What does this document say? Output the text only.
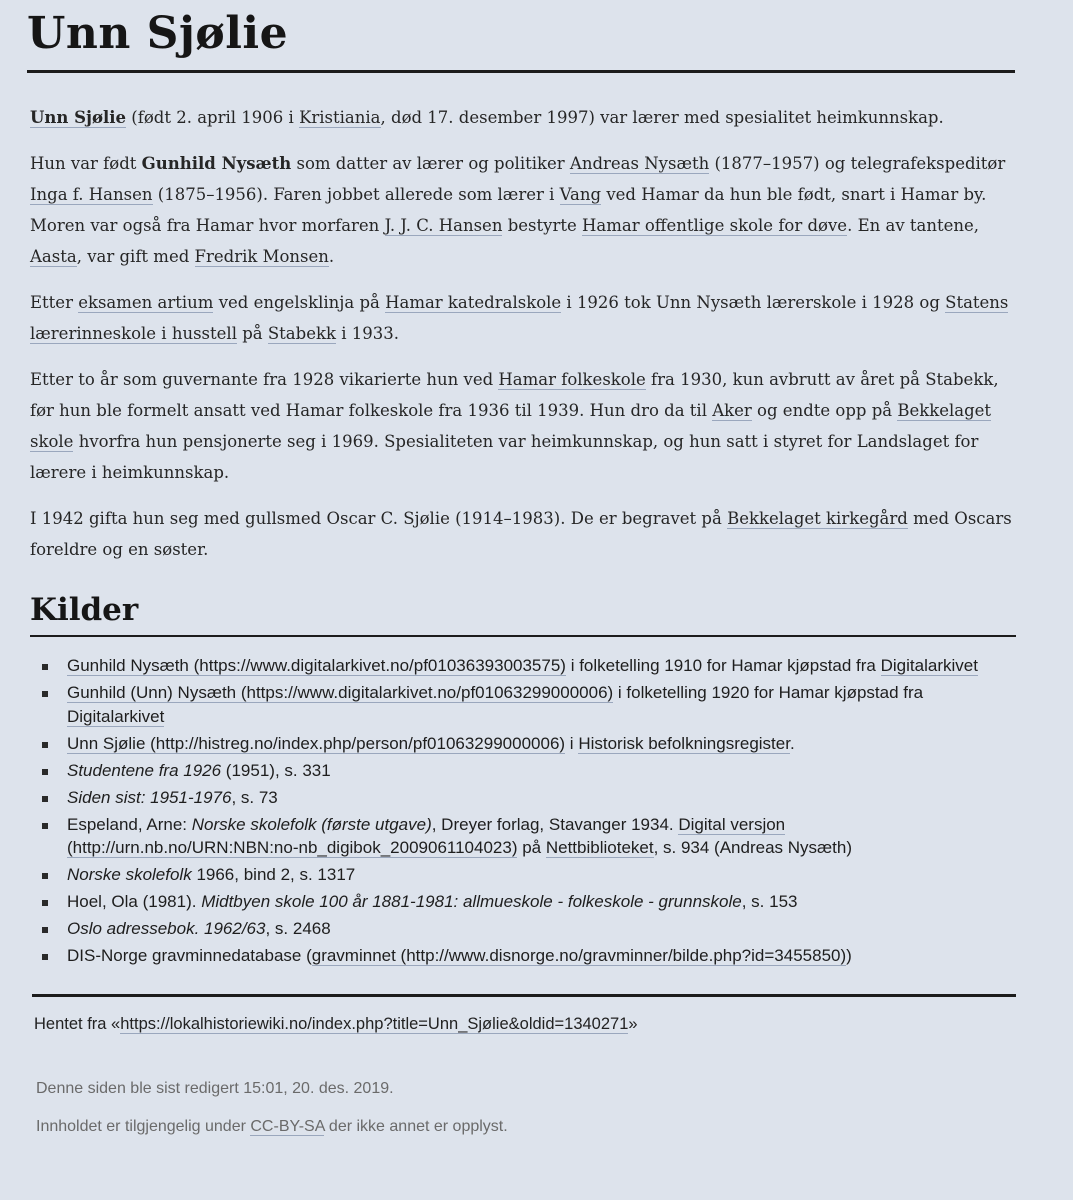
Unn Sjølie

Unn Sjølie (født 2. april 1906 i Kristiania, død 17. desember 1997) var lærer med spesialitet heimkunnskap.

Hun var født Gunhild Nysæth som datter av lærer og politiker Andreas Nysæth (1877–1957) og telegrafekspeditør Inga f. Hansen (1875–1956). Faren jobbet allerede som lærer i Vang ved Hamar da hun ble født, snart i Hamar by. Moren var også fra Hamar hvor morfaren J. J. C. Hansen bestyrte Hamar offentlige skole for døve. En av tantene, Aasta, var gift med Fredrik Monsen.

Etter eksamen artium ved engelsklinja på Hamar katedralskole i 1926 tok Unn Nysæth lærerskole i 1928 og Statens lærerinneskole i husstell på Stabekk i 1933.

Etter to år som guvernante fra 1928 vikarierte hun ved Hamar folkeskole fra 1930, kun avbrutt av året på Stabekk, før hun ble formelt ansatt ved Hamar folkeskole fra 1936 til 1939. Hun dro da til Aker og endte opp på Bekkelaget skole hvorfra hun pensjonerte seg i 1969. Spesialiteten var heimkunnskap, og hun satt i styret for Landslaget for lærere i heimkunnskap.

I 1942 gifta hun seg med gullsmed Oscar C. Sjølie (1914–1983). De er begravet på Bekkelaget kirkegård med Oscars foreldre og en søster.

Kilder
Gunhild Nysæth (https://www.digitalarkivet.no/pf01036393003575) i folketelling 1910 for Hamar kjøpstad fra Digitalarkivet
Gunhild (Unn) Nysæth (https://www.digitalarkivet.no/pf01063299000006) i folketelling 1920 for Hamar kjøpstad fra Digitalarkivet
Unn Sjølie (http://histreg.no/index.php/person/pf01063299000006) i Historisk befolkningsregister.
Studentene fra 1926 (1951), s. 331
Siden sist: 1951-1976, s. 73
Espeland, Arne: Norske skolefolk (første utgave), Dreyer forlag, Stavanger 1934. Digital versjon (http://urn.nb.no/URN:NBN:no-nb_digibok_2009061104023) på Nettbiblioteket, s. 934 (Andreas Nysæth)
Norske skolefolk 1966, bind 2, s. 1317
Hoel, Ola (1981). Midtbyen skole 100 år 1881-1981: allmueskole - folkeskole - grunnskole, s. 153
Oslo adressebok. 1962/63, s. 2468
DIS-Norge gravminnedatabase (gravminnet (http://www.disnorge.no/gravminner/bilde.php?id=3455850))
Hentet fra «https://lokalhistoriewiki.no/index.php?title=Unn_Sjølie&oldid=1340271»
Denne siden ble sist redigert 15:01, 20. des. 2019.
Innholdet er tilgjengelig under CC-BY-SA der ikke annet er opplyst.
